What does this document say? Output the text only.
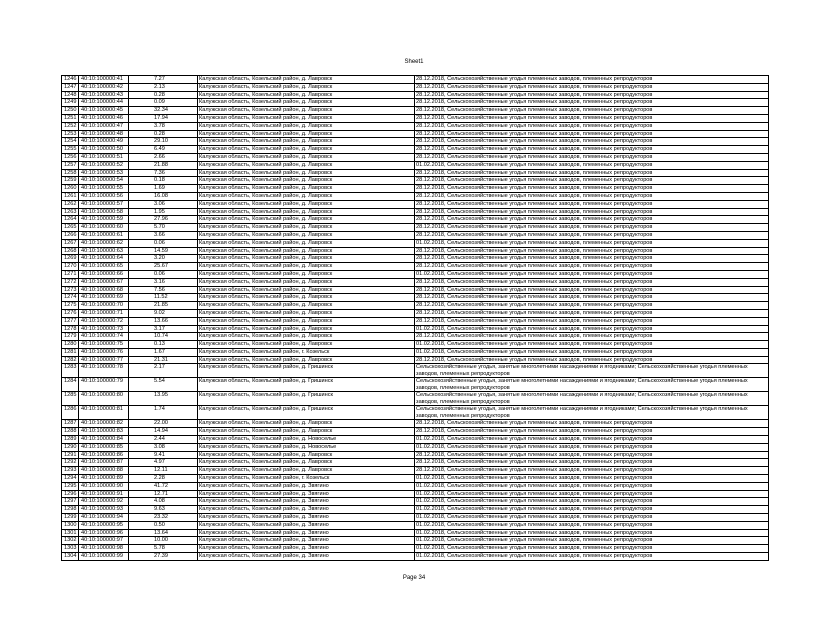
Sheet1
1246	40:10:100000:41	7.27	Калужская область, Козельский район, д. Лавровск	28.12.2018, Сельскохозяйственные угодья племенных заводов, племенных репродукторов
1247	40:10:100000:42	2.13	Калужская область, Козельский район, д. Лавровск	28.12.2018, Сельскохозяйственные угодья племенных заводов, племенных репродукторов
1248	40:10:100000:43	0.28	Калужская область, Козельский район, д. Лавровск	28.12.2018, Сельскохозяйственные угодья племенных заводов, племенных репродукторов
1249	40:10:100000:44	0.09	Калужская область, Козельский район, д. Лавровск	28.12.2018, Сельскохозяйственные угодья племенных заводов, племенных репродукторов
1250	40:10:100000:45	32.34	Калужская область, Козельский район, д. Лавровск	28.12.2018, Сельскохозяйственные угодья племенных заводов, племенных репродукторов
1251	40:10:100000:46	17.94	Калужская область, Козельский район, д. Лавровск	28.12.2018, Сельскохозяйственные угодья племенных заводов, племенных репродукторов
1252	40:10:100000:47	3.78	Калужская область, Козельский район, д. Лавровск	28.12.2018, Сельскохозяйственные угодья племенных заводов, племенных репродукторов
1253	40:10:100000:48	0.28	Калужская область, Козельский район, д. Лавровск	28.12.2018, Сельскохозяйственные угодья племенных заводов, племенных репродукторов
1254	40:10:100000:49	29.10	Калужская область, Козельский район, д. Лавровск	28.12.2018, Сельскохозяйственные угодья племенных заводов, племенных репродукторов
1255	40:10:100000:50	6.49	Калужская область, Козельский район, д. Лавровск	28.12.2018, Сельскохозяйственные угодья племенных заводов, племенных репродукторов
1256	40:10:100000:51	2.66	Калужская область, Козельский район, д. Лавровск	28.12.2018, Сельскохозяйственные угодья племенных заводов, племенных репродукторов
1257	40:10:100000:52	21.88	Калужская область, Козельский район, д. Лавровск	01.02.2018, Сельскохозяйственные угодья племенных заводов, племенных репродукторов
1258	40:10:100000:53	7.36	Калужская область, Козельский район, д. Лавровск	28.12.2018, Сельскохозяйственные угодья племенных заводов, племенных репродукторов
1259	40:10:100000:54	0.18	Калужская область, Козельский район, д. Лавровск	28.12.2018, Сельскохозяйственные угодья племенных заводов, племенных репродукторов
1260	40:10:100000:55	1.69	Калужская область, Козельский район, д. Лавровск	28.12.2018, Сельскохозяйственные угодья племенных заводов, племенных репродукторов
1261	40:10:100000:56	16.08	Калужская область, Козельский район, д. Лавровск	28.12.2018, Сельскохозяйственные угодья племенных заводов, племенных репродукторов
1262	40:10:100000:57	3.06	Калужская область, Козельский район, д. Лавровск	28.12.2018, Сельскохозяйственные угодья племенных заводов, племенных репродукторов
1263	40:10:100000:58	1.95	Калужская область, Козельский район, д. Лавровск	28.12.2018, Сельскохозяйственные угодья племенных заводов, племенных репродукторов
1264	40:10:100000:59	27.96	Калужская область, Козельский район, д. Лавровск	28.12.2018, Сельскохозяйственные угодья племенных заводов, племенных репродукторов
1265	40:10:100000:60	5.70	Калужская область, Козельский район, д. Лавровск	28.12.2018, Сельскохозяйственные угодья племенных заводов, племенных репродукторов
1266	40:10:100000:61	3.66	Калужская область, Козельский район, д. Лавровск	28.12.2018, Сельскохозяйственные угодья племенных заводов, племенных репродукторов
1267	40:10:100000:62	0.06	Калужская область, Козельский район, д. Лавровск	01.02.2018, Сельскохозяйственные угодья племенных заводов, племенных репродукторов
1268	40:10:100000:63	14.59	Калужская область, Козельский район, д. Лавровск	28.12.2018, Сельскохозяйственные угодья племенных заводов, племенных репродукторов
1269	40:10:100000:64	3.20	Калужская область, Козельский район, д. Лавровск	28.12.2018, Сельскохозяйственные угодья племенных заводов, племенных репродукторов
1270	40:10:100000:65	25.67	Калужская область, Козельский район, д. Лавровск	28.12.2018, Сельскохозяйственные угодья племенных заводов, племенных репродукторов
1271	40:10:100000:66	0.06	Калужская область, Козельский район, д. Лавровск	01.02.2018, Сельскохозяйственные угодья племенных заводов, племенных репродукторов
1272	40:10:100000:67	3.16	Калужская область, Козельский район, д. Лавровск	28.12.2018, Сельскохозяйственные угодья племенных заводов, племенных репродукторов
1273	40:10:100000:68	7.56	Калужская область, Козельский район, д. Лавровск	28.12.2018, Сельскохозяйственные угодья племенных заводов, племенных репродукторов
1274	40:10:100000:69	11.52	Калужская область, Козельский район, д. Лавровск	28.12.2018, Сельскохозяйственные угодья племенных заводов, племенных репродукторов
1275	40:10:100000:70	21.85	Калужская область, Козельский район, д. Лавровск	28.12.2018, Сельскохозяйственные угодья племенных заводов, племенных репродукторов
1276	40:10:100000:71	9.02	Калужская область, Козельский район, д. Лавровск	28.12.2018, Сельскохозяйственные угодья племенных заводов, племенных репродукторов
1277	40:10:100000:72	13.66	Калужская область, Козельский район, д. Лавровск	28.12.2018, Сельскохозяйственные угодья племенных заводов, племенных репродукторов
1278	40:10:100000:73	3.17	Калужская область, Козельский район, д. Лавровск	01.02.2018, Сельскохозяйственные угодья племенных заводов, племенных репродукторов
1279	40:10:100000:74	10.74	Калужская область, Козельский район, д. Лавровск	28.12.2018, Сельскохозяйственные угодья племенных заводов, племенных репродукторов
1280	40:10:100000:75	0.13	Калужская область, Козельский район, д. Лавровск	01.02.2018, Сельскохозяйственные угодья племенных заводов, племенных репродукторов
1281	40:10:100000:76	1.67	Калужская область, Козельский район, г. Козельск	01.02.2018, Сельскохозяйственные угодья племенных заводов, племенных репродукторов
1282	40:10:100000:77	21.31	Калужская область, Козельский район, д. Лавровск	28.12.2018, Сельскохозяйственные угодья племенных заводов, племенных репродукторов
1283	40:10:100000:78	2.17	Калужская область, Козельский район, д. Гришинск	Сельскохозяйственные угодья, занятые многолетними насаждениями и ягодниками; Сельскохозяйственные угодья племенных заводов, племенных репродукторов
1284	40:10:100000:79	5.54	Калужская область, Козельский район, д. Гришинск	Сельскохозяйственные угодья, занятые многолетними насаждениями и ягодниками; Сельскохозяйственные угодья племенных заводов, племенных репродукторов
1285	40:10:100000:80	13.95	Калужская область, Козельский район, д. Гришинск	Сельскохозяйственные угодья, занятые многолетними насаждениями и ягодниками; Сельскохозяйственные угодья племенных заводов, племенных репродукторов
1286	40:10:100000:81	1.74	Калужская область, Козельский район, д. Гришинск	Сельскохозяйственные угодья, занятые многолетними насаждениями и ягодниками; Сельскохозяйственные угодья племенных заводов, племенных репродукторов
1287	40:10:100000:82	22.00	Калужская область, Козельский район, д. Лавровск	28.12.2018, Сельскохозяйственные угодья племенных заводов, племенных репродукторов
1288	40:10:100000:83	14.94	Калужская область, Козельский район, д. Лавровск	28.12.2018, Сельскохозяйственные угодья племенных заводов, племенных репродукторов
1289	40:10:100000:84	2.44	Калужская область, Козельский район, д. Новосельe	01.02.2018, Сельскохозяйственные угодья племенных заводов, племенных репродукторов
1290	40:10:100000:85	3.08	Калужская область, Козельский район, д. Новоселье	01.02.2018, Сельскохозяйственные угодья племенных заводов, племенных репродукторов
1291	40:10:100000:86	9.41	Калужская область, Козельский район, д. Лавровск	28.12.2018, Сельскохозяйственные угодья племенных заводов, племенных репродукторов
1292	40:10:100000:87	4.97	Калужская область, Козельский район, д. Лавровск	28.12.2018, Сельскохозяйственные угодья племенных заводов, племенных репродукторов
1293	40:10:100000:88	12.11	Калужская область, Козельский район, д. Лавровск	28.12.2018, Сельскохозяйственные угодья племенных заводов, племенных репродукторов
1294	40:10:100000:89	2.28	Калужская область, Козельский район, г. Козельск	01.02.2018, Сельскохозяйственные угодья племенных заводов, племенных репродукторов
1295	40:10:100000:90	41.72	Калужская область, Козельский район, д. Звягино	01.02.2018, Сельскохозяйственные угодья племенных заводов, племенных репродукторов
1296	40:10:100000:91	12.71	Калужская область, Козельский район, д. Звягино	01.02.2018, Сельскохозяйственные угодья племенных заводов, племенных репродукторов
1297	40:10:100000:92	4.08	Калужская область, Козельский район, д. Звягино	01.02.2018, Сельскохозяйственные угодья племенных заводов, племенных репродукторов
1298	40:10:100000:93	9.63	Калужская область, Козельский район, д. Звягино	01.02.2018, Сельскохозяйственные угодья племенных заводов, племенных репродукторов
1299	40:10:100000:94	23.32	Калужская область, Козельский район, д. Звягино	01.02.2018, Сельскохозяйственные угодья племенных заводов, племенных репродукторов
1300	40:10:100000:95	0.50	Калужская область, Козельский район, д. Звягино	01.02.2018, Сельскохозяйственные угодья племенных заводов, племенных репродукторов
1301	40:10:100000:96	13.64	Калужская область, Козельский район, д. Звягино	01.02.2018, Сельскохозяйственные угодья племенных заводов, племенных репродукторов
1302	40:10:100000:97	10.00	Калужская область, Козельский район, д. Звягино	01.02.2018, Сельскохозяйственные угодья племенных заводов, племенных репродукторов
1303	40:10:100000:98	5.78	Калужская область, Козельский район, д. Звягино	01.02.2018, Сельскохозяйственные угодья племенных заводов, племенных репродукторов
1304	40:10:100000:99	27.39	Калужская область, Козельский район, д. Звягино	01.02.2018, Сельскохозяйственные угодья племенных заводов, племенных репродукторов
Page 34
